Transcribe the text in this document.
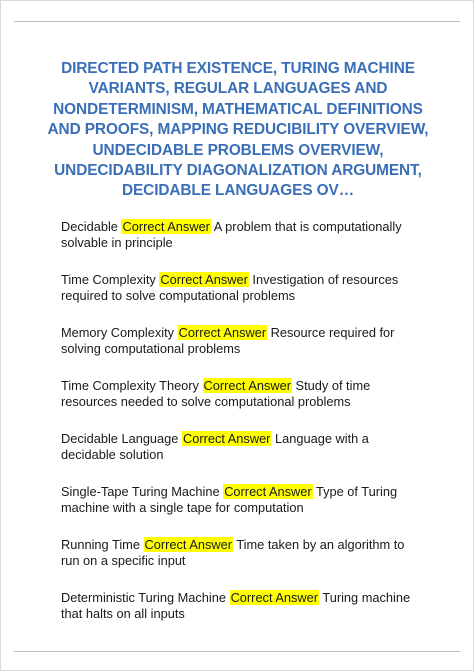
DIRECTED PATH EXISTENCE, TURING MACHINE VARIANTS, REGULAR LANGUAGES AND NONDETERMINISM, MATHEMATICAL DEFINITIONS AND PROOFS, MAPPING REDUCIBILITY OVERVIEW, UNDECIDABLE PROBLEMS OVERVIEW, UNDECIDABILITY DIAGONALIZATION ARGUMENT, DECIDABLE LANGUAGES OV…

Decidable Correct Answer A problem that is computationally solvable in principle

Time Complexity Correct Answer Investigation of resources required to solve computational problems

Memory Complexity Correct Answer Resource required for solving computational problems

Time Complexity Theory Correct Answer Study of time resources needed to solve computational problems

Decidable Language Correct Answer Language with a decidable solution

Single-Tape Turing Machine Correct Answer Type of Turing machine with a single tape for computation

Running Time Correct Answer Time taken by an algorithm to run on a specific input

Deterministic Turing Machine Correct Answer Turing machine that halts on all inputs
